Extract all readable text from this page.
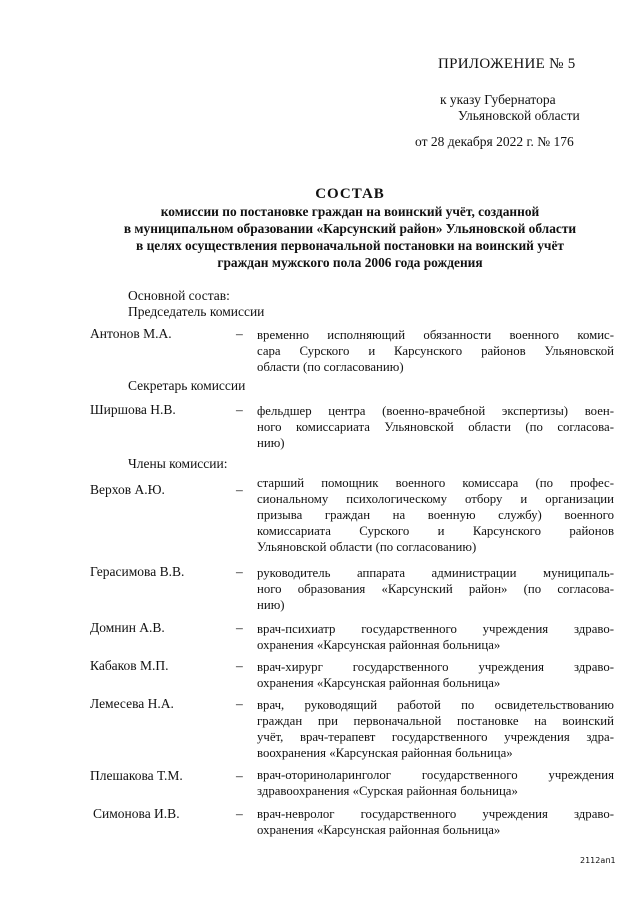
ПРИЛОЖЕНИЕ № 5
к указу Губернатора
Ульяновской области
от 28 декабря 2022 г. № 176
СОСТАВ
комиссии по постановке граждан на воинский учёт, созданной
в муниципальном образовании «Карсунский район» Ульяновской области
в целях осуществления первоначальной постановки на воинский учёт
граждан мужского пола 2006 года рождения
Основной состав:
Председатель комиссии
Секретарь комиссии
Члены комиссии:
Антонов М.А.	– временно исполняющий обязанности военного комис-
сара Сурского и Карсунского районов Ульяновской
области (по согласованию)
Ширшова Н.В.	– фельдшер центра (военно-врачебной экспертизы) воен-
ного комиссариата Ульяновской области (по согласова-
нию)
Верхов А.Ю.	– старший помощник военного комиссара (по профес-
сиональному психологическому отбору и организации
призыва граждан на военную службу) военного
комиссариата Сурского и Карсунского районов
Ульяновской области (по согласованию)
Герасимова В.В.	– руководитель аппарата администрации муниципаль-
ного образования «Карсунский район» (по согласова-
нию)
Домнин А.В.	– врач-психиатр государственного учреждения здраво-
охранения «Карсунская районная больница»
Кабаков М.П.	– врач-хирург государственного учреждения здраво-
охранения «Карсунская районная больница»
Лемесева Н.А.	– врач, руководящий работой по освидетельствованию
граждан при первоначальной постановке на воинский
учёт, врач-терапевт государственного учреждения здра-
воохранения «Карсунская районная больница»
Плешакова Т.М.	– врач-оториноларинголог государственного учреждения
здравоохранения «Сурская районная больница»
Симонова И.В.	– врач-невролог государственного учреждения здраво-
охранения «Карсунская районная больница»
2112ап1
